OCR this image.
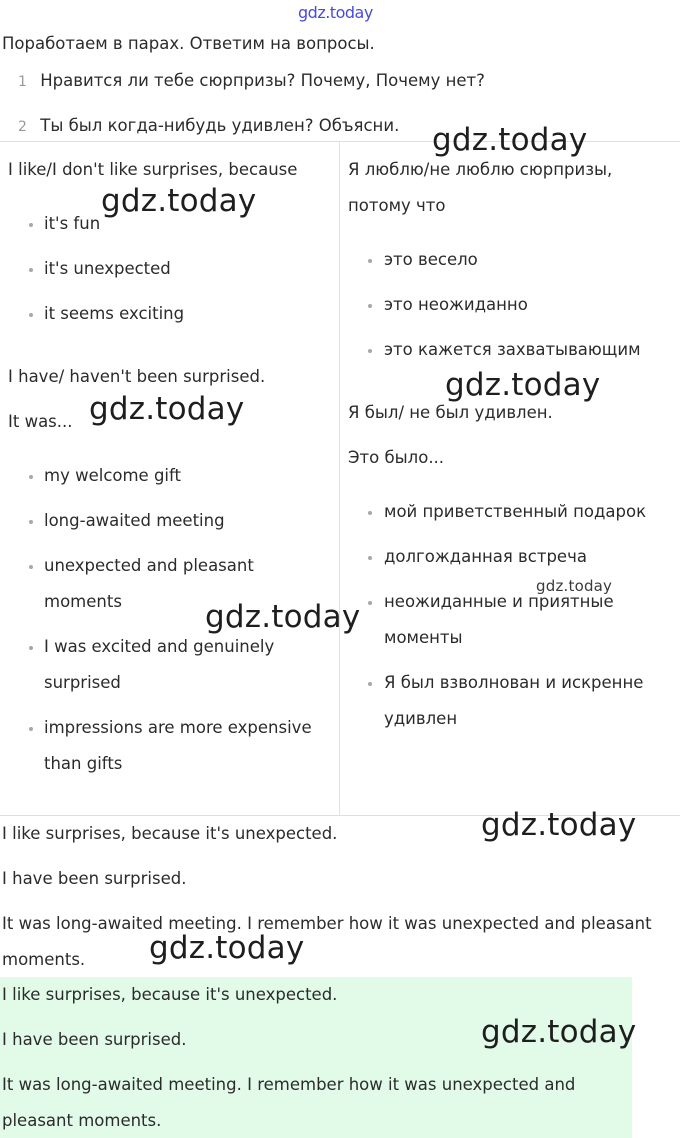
gdz.today
Поработаем в парах. Ответим на вопросы.
1 Нравится ли тебе сюрпризы? Почему, Почему нет?
2 Ты был когда-нибудь удивлен? Объясни.
I like/I don't like surprises, because
it's fun
it's unexpected
it seems exciting
I have/ haven't been surprised.
It was...
my welcome gift
long-awaited meeting
unexpected and pleasant
moments
I was excited and genuinely
surprised
impressions are more expensive
than gifts
Я люблю/не люблю сюрпризы,
потому что
это весело
это неожиданно
это кажется захватывающим
Я был/ не был удивлен.
Это было...
мой приветственный подарок
долгожданная встреча
неожиданные и приятные
моменты
Я был взволнован и искренне
удивлен
I like surprises, because it's unexpected.
I have been surprised.
It was long-awaited meeting. I remember how it was unexpected and pleasant
moments.
I like surprises, because it's unexpected.
I have been surprised.
It was long-awaited meeting. I remember how it was unexpected and
pleasant moments.
gdz.today
gdz.today
gdz.today
gdz.today
gdz.today
gdz.today
gdz.today
gdz.today
gdz.today
